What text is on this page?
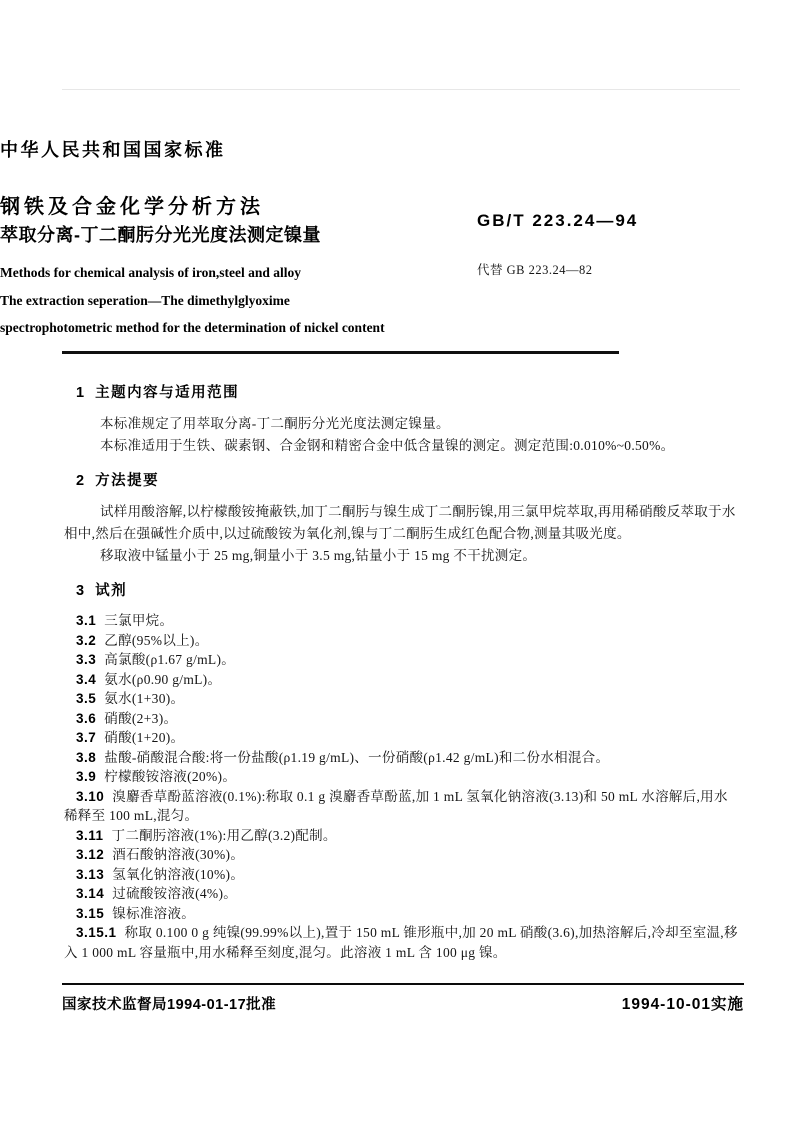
中华人民共和国国家标准
钢铁及合金化学分析方法
萃取分离-丁二酮肟分光光度法测定镍量
GB/T 223.24—94
代替 GB 223.24—82
Methods for chemical analysis of iron,steel and alloy
The extraction seperation—The dimethylglyoxime
spectrophotometric method for the determination of nickel content
1 主题内容与适用范围

本标准规定了用萃取分离-丁二酮肟分光光度法测定镍量。

本标准适用于生铁、碳素钢、合金钢和精密合金中低含量镍的测定。测定范围:0.010%~0.50%。

2 方法提要

试样用酸溶解,以柠檬酸铵掩蔽铁,加丁二酮肟与镍生成丁二酮肟镍,用三氯甲烷萃取,再用稀硝酸反萃取于水相中,然后在强碱性介质中,以过硫酸铵为氧化剂,镍与丁二酮肟生成红色配合物,测量其吸光度。

移取液中锰量小于 25 mg,铜量小于 3.5 mg,钴量小于 15 mg 不干扰测定。

3 试剂

3.1 三氯甲烷。

3.2 乙醇(95%以上)。

3.3 高氯酸(ρ1.67 g/mL)。

3.4 氨水(ρ0.90 g/mL)。

3.5 氨水(1+30)。

3.6 硝酸(2+3)。

3.7 硝酸(1+20)。

3.8 盐酸-硝酸混合酸:将一份盐酸(ρ1.19 g/mL)、一份硝酸(ρ1.42 g/mL)和二份水相混合。

3.9 柠檬酸铵溶液(20%)。

3.10 溴麝香草酚蓝溶液(0.1%):称取 0.1 g 溴麝香草酚蓝,加 1 mL 氢氧化钠溶液(3.13)和 50 mL 水溶解后,用水稀释至 100 mL,混匀。

3.11 丁二酮肟溶液(1%):用乙醇(3.2)配制。

3.12 酒石酸钠溶液(30%)。

3.13 氢氧化钠溶液(10%)。

3.14 过硫酸铵溶液(4%)。

3.15 镍标准溶液。

3.15.1 称取 0.100 0 g 纯镍(99.99%以上),置于 150 mL 锥形瓶中,加 20 mL 硝酸(3.6),加热溶解后,冷却至室温,移入 1 000 mL 容量瓶中,用水稀释至刻度,混匀。此溶液 1 mL 含 100 μg 镍。

国家技术监督局1994-01-17批准	1994-10-01实施
